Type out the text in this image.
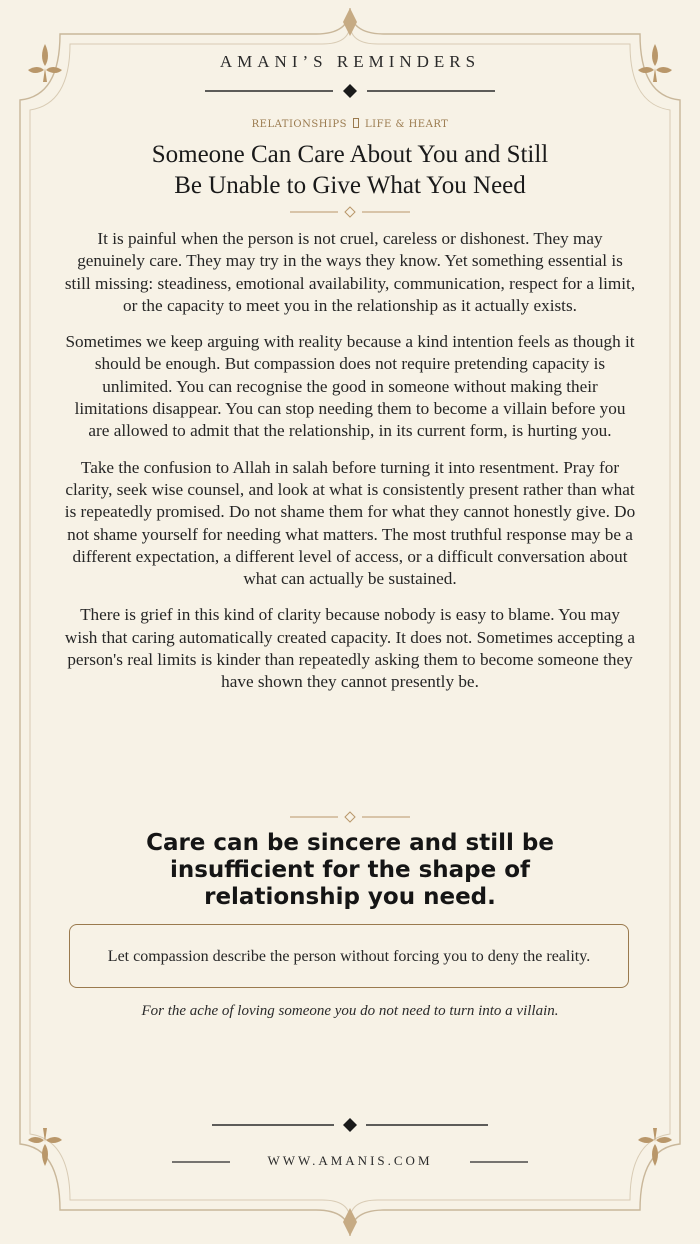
AMANI’S REMINDERS
RELATIONSHIPS LIFE & HEART
Someone Can Care About You and Still
Be Unable to Give What You Need

It is painful when the person is not cruel, careless or dishonest. They may genuinely care. They may try in the ways they know. Yet something essential is still missing: steadiness, emotional availability, communication, respect for a limit, or the capacity to meet you in the relationship as it actually exists.

Sometimes we keep arguing with reality because a kind intention feels as though it should be enough. But compassion does not require pretending capacity is unlimited. You can recognise the good in someone without making their limitations disappear. You can stop needing them to become a villain before you are allowed to admit that the relationship, in its current form, is hurting you.

Take the confusion to Allah in salah before turning it into resentment. Pray for clarity, seek wise counsel, and look at what is consistently present rather than what is repeatedly promised. Do not shame them for what they cannot honestly give. Do not shame yourself for needing what matters. The most truthful response may be a different expectation, a different level of access, or a difficult conversation about what can actually be sustained.

There is grief in this kind of clarity because nobody is easy to blame. You may wish that caring automatically created capacity. It does not. Sometimes accepting a person's real limits is kinder than repeatedly asking them to become someone they have shown they cannot presently be.

Care can be sincere and still be
insufficient for the shape of
relationship you need.
Let compassion describe the person without forcing you to deny the reality.
For the ache of loving someone you do not need to turn into a villain.
WWW.AMANIS.COM
